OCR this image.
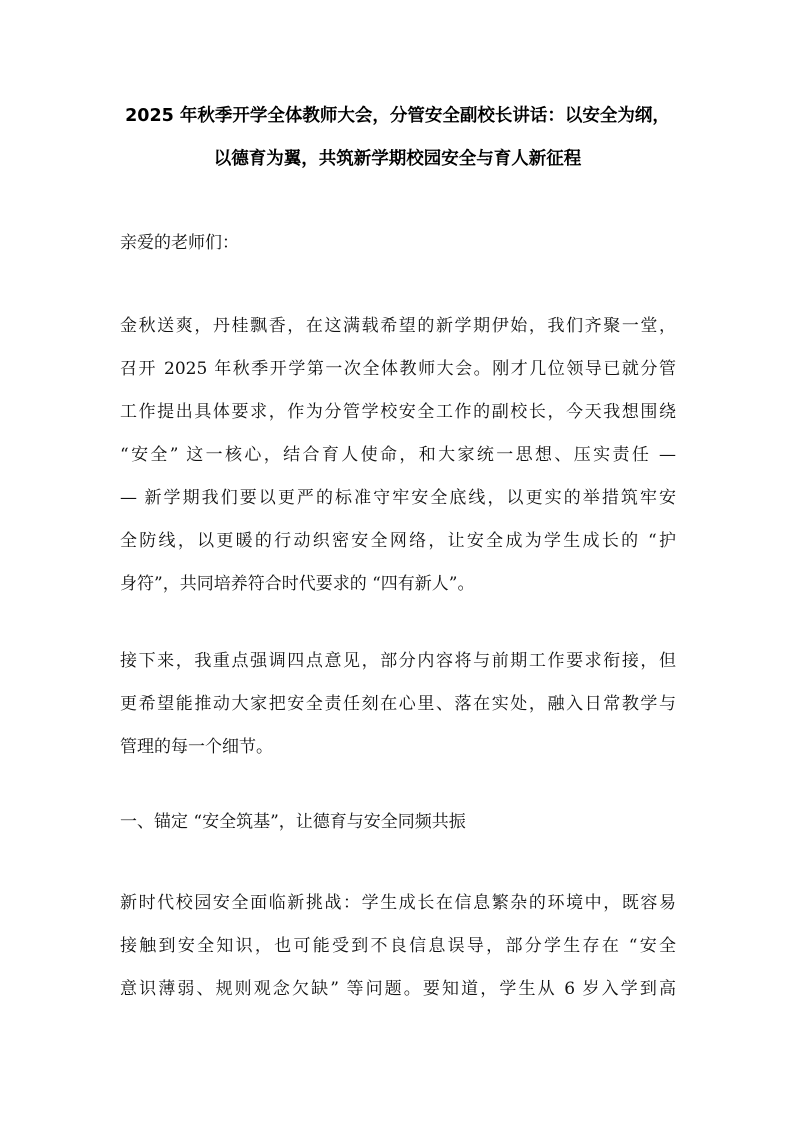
2025 年秋季开学全体教师大会，分管安全副校长讲话：以安全为纲，
以德育为翼，共筑新学期校园安全与育人新征程
亲爱的老师们：
金秋送爽，丹桂飘香，在这满载希望的新学期伊始，我们齐聚一堂，
召开 2025 年秋季开学第一次全体教师大会。刚才几位领导已就分管
工作提出具体要求，作为分管学校安全工作的副校长，今天我想围绕
“安全” 这一核心，结合育人使命，和大家统一思想、压实责任 —
— 新学期我们要以更严的标准守牢安全底线，以更实的举措筑牢安
全防线，以更暖的行动织密安全网络，让安全成为学生成长的 “护
身符”，共同培养符合时代要求的 “四有新人”。
接下来，我重点强调四点意见，部分内容将与前期工作要求衔接，但
更希望能推动大家把安全责任刻在心里、落在实处，融入日常教学与
管理的每一个细节。
一、锚定 “安全筑基”，让德育与安全同频共振
新时代校园安全面临新挑战：学生成长在信息繁杂的环境中，既容易
接触到安全知识，也可能受到不良信息误导，部分学生存在 “安全
意识薄弱、规则观念欠缺” 等问题。要知道，学生从 6 岁入学到高
